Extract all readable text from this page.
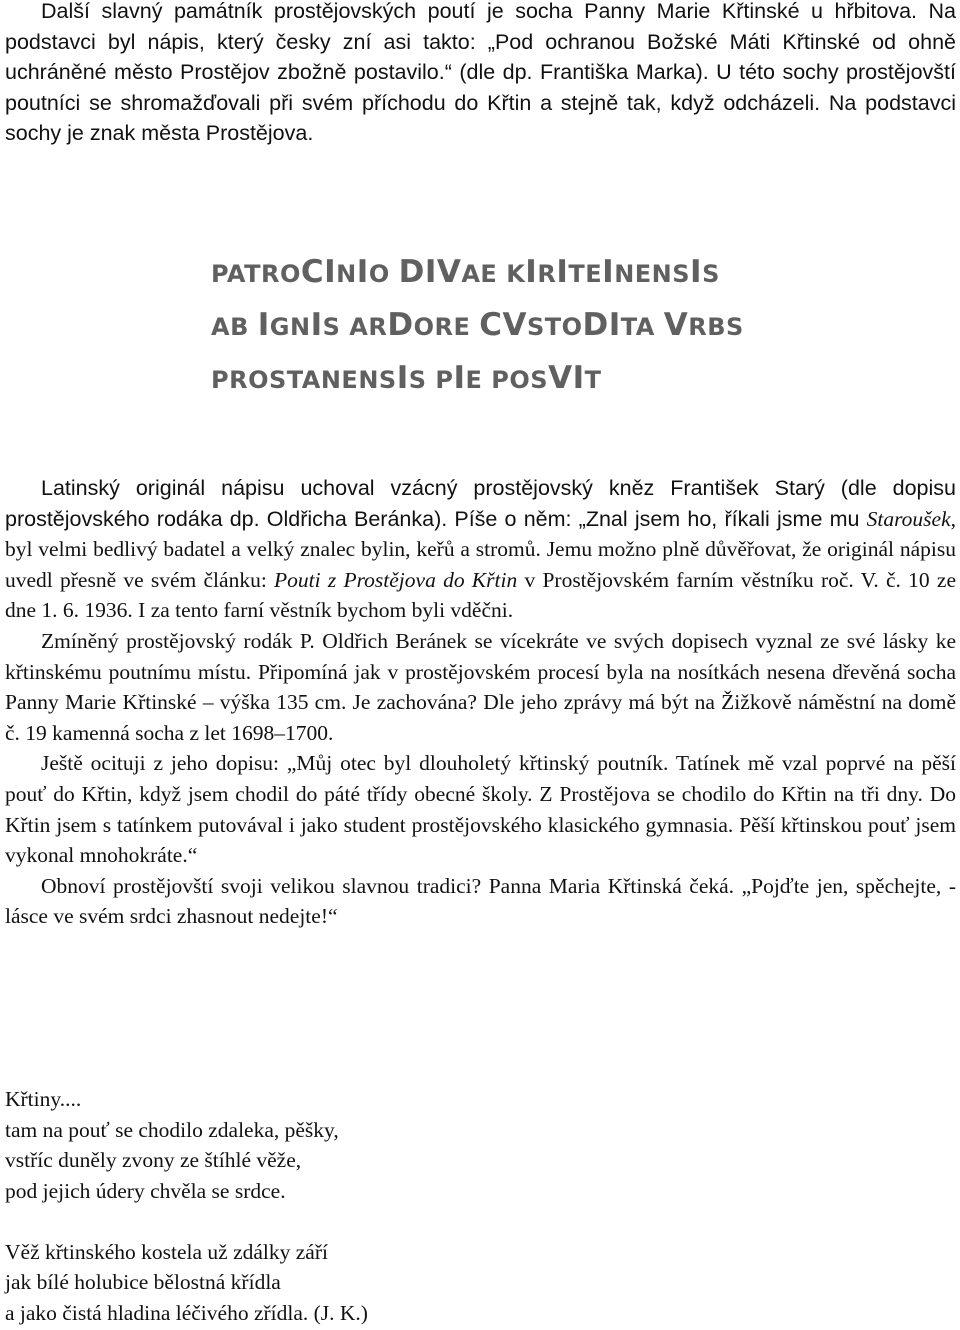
Další slavný památník prostějovských poutí je socha Panny Marie Křtinské u hřbitova. Na podstavci byl nápis, který česky zní asi takto: „Pod ochranou Božské Máti Křtinské od ohně uchráněné město Prostějov zbožně postavilo.“ (dle dp. Františka Marka). U této sochy prostějovští poutníci se shromažďovali při svém příchodu do Křtin a stejně tak, když odcházeli. Na podstavci sochy je znak města Prostějova.

PATROCINIO DIVAE KIRITEINENSIS
AB IGNIS ARDORE CVSTODITA VRBS
PROSTANENSIS PIE POSVIT

Latinský originál nápisu uchoval vzácný prostějovský kněz František Starý (dle dopisu prostějovského rodáka dp. Oldřicha Beránka). Píše o něm: „Znal jsem ho, říkali jsme mu Staroušek, byl velmi bedlivý badatel a velký znalec bylin, keřů a stromů. Jemu možno plně důvěřovat, že originál nápisu uvedl přesně ve svém článku: Pouti z Prostějova do Křtin v Prostějovském farním věstníku roč. V. č. 10 ze dne 1. 6. 1936. I za tento farní věstník bychom byli vděčni.

Zmíněný prostějovský rodák P. Oldřich Beránek se vícekráte ve svých dopisech vyznal ze své lásky ke křtinskému poutnímu místu. Připomíná jak v prostějovském procesí byla na nosítkách nesena dřevěná socha Panny Marie Křtinské – výška 135 cm. Je zachována? Dle jeho zprávy má být na Žižkově náměstní na domě č. 19 kamenná socha z let 1698–1700.

Ještě ocituji z jeho dopisu: „Můj otec byl dlouholetý křtinský poutník. Tatínek mě vzal poprvé na pěší pouť do Křtin, když jsem chodil do páté třídy obecné školy. Z Prostějova se chodilo do Křtin na tři dny. Do Křtin jsem s tatínkem putovával i jako student prostějovského klasického gymnasia. Pěší křtinskou pouť jsem vykonal mnohokráte.“

Obnoví prostějovští svoji velikou slavnou tradici? Panna Maria Křtinská čeká. „Pojďte jen, spěchejte, - lásce ve svém srdci zhasnout nedejte!“

Křtiny....

tam na pouť se chodilo zdaleka, pěšky,

vstříc duněly zvony ze štíhlé věže,

pod jejich údery chvěla se srdce.

Věž křtinského kostela už zdálky září

jak bílé holubice bělostná křídla

a jako čistá hladina léčivého zřídla. (J. K.)
